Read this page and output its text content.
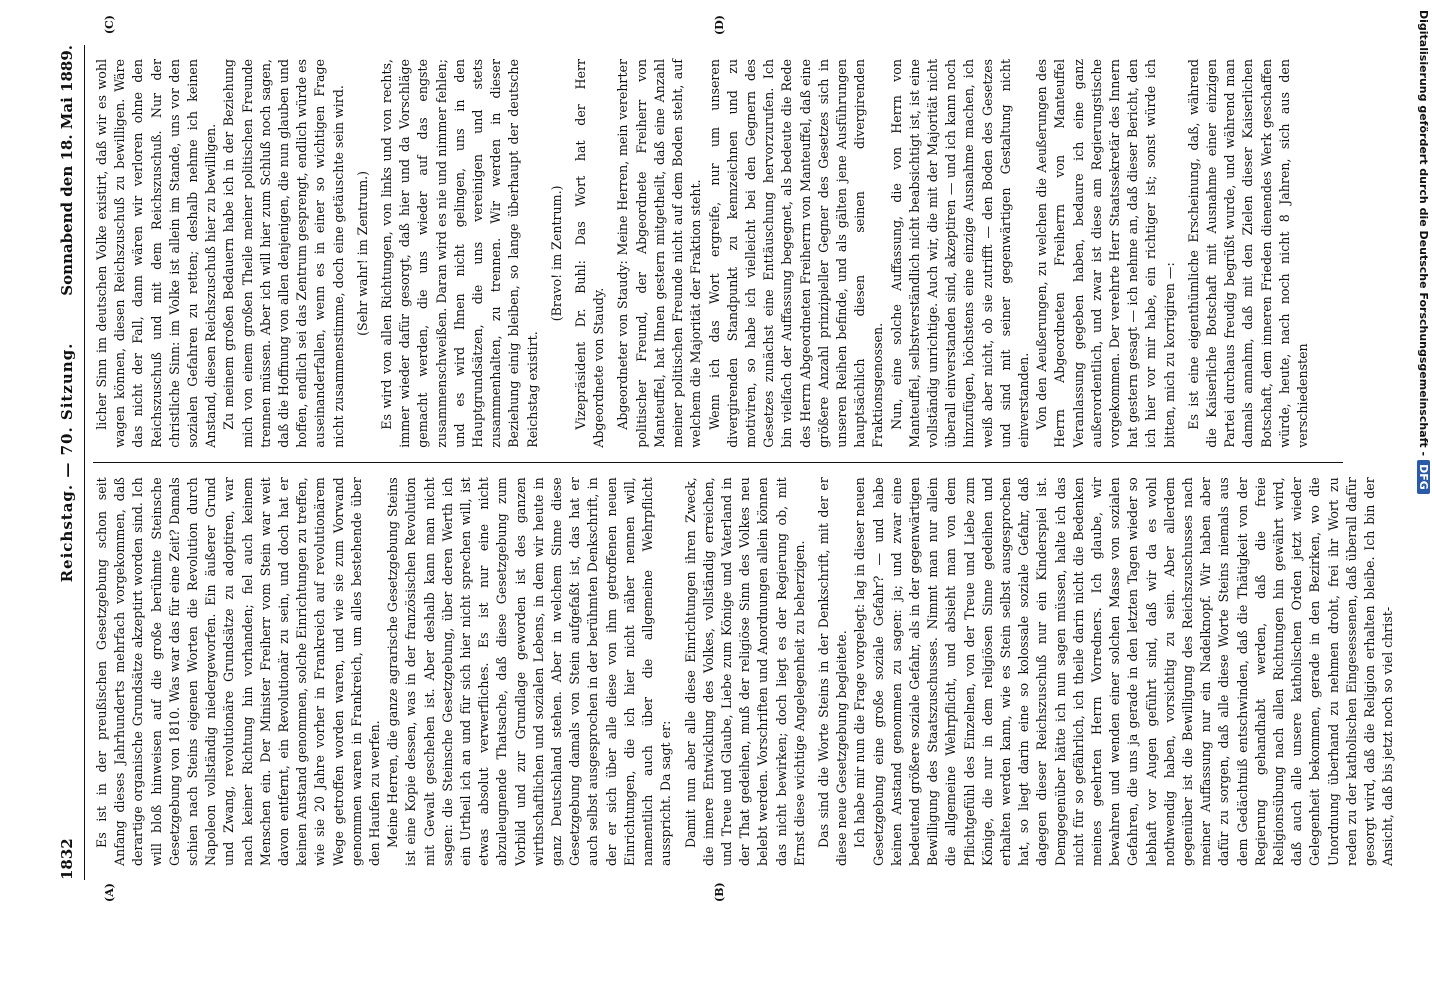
1832
Reichstag. — 70. Sitzung.
Sonnabend den 18. Mai 1889.
(A)	(B)

Es ist in der preußischen Gesetzgebung schon seit Anfang dieses Jahrhunderts mehrfach vorgekommen, daß derartige organische Grundsätze akzeptirt worden sind. Ich will bloß hinweisen auf die große berühmte Steinsche Gesetzgebung von 1810. Was war das für eine Zeit? Damals schien nach Steins eigenen Worten die Revolution durch Napoleon vollständig niedergeworfen. Ein äußerer Grund und Zwang, revolutionäre Grundsätze zu adoptiren, war nach keiner Richtung hin vorhanden; fiel auch keinem Menschen ein. Der Minister Freiherr vom Stein war weit davon entfernt, ein Revolutionär zu sein, und doch hat er keinen Anstand genommen, solche Einrichtungen zu treffen, wie sie 20 Jahre vorher in Frankreich auf revolutionärem Wege getroffen worden waren, und wie sie zum Vorwand genommen waren in Frankreich, um alles bestehende über den Haufen zu werfen. Meine Herren, die ganze agrarische Gesetzgebung Steins ist eine Kopie dessen, was in der französischen Revolution mit Gewalt geschehen ist. Aber deshalb kann man nicht sagen: die Steinsche Gesetzgebung, über deren Werth ich ein Urtheil ich an und für sich hier nicht sprechen will, ist etwas absolut verwerfliches. Es ist nur eine nicht abzuleugnende Thatsache, daß diese Gesetzgebung zum Vorbild und zur Grundlage geworden ist des ganzen wirthschaftlichen und sozialen Lebens, in dem wir heute in ganz Deutschland stehen. Aber in welchem Sinne diese Gesetzgebung damals von Stein aufgefaßt ist, das hat er auch selbst ausgesprochen in der berühmten Denkschrift, in der er sich über alle diese von ihm getroffenen neuen Einrichtungen, die ich hier nicht näher nennen will, namentlich auch über die allgemeine Wehrpflicht ausspricht. Da sagt er: Damit nun aber alle diese Einrichtungen ihren Zweck, die innere Entwicklung des Volkes, vollständig erreichen, und Treue und Glaube, Liebe zum Könige und Vaterland in der That gedeihen, muß der religiöse Sinn des Volkes neu belebt werden. Vorschriften und Anordnungen allein können das nicht bewirken; doch liegt es der Regierung ob, mit Ernst diese wichtige Angelegenheit zu beherzigen. Das sind die Worte Steins in der Denkschrift, mit der er diese neue Gesetzgebung begleitete. Ich habe mir nun die Frage vorgelegt: lag in dieser neuen Gesetzgebung eine große soziale Gefahr? — und habe keinen Anstand genommen zu sagen: ja; und zwar eine bedeutend größere soziale Gefahr, als in der gegenwärtigen Bewilligung des Staatszuschusses. Nimmt man nur allein die allgemeine Wehrpflicht, und absieht man von dem Pflichtgefühl des Einzelnen, von der Treue und Liebe zum Könige, die nur in dem religiösen Sinne gedeihen und erhalten werden kann, wie es Stein selbst ausgesprochen hat, so liegt darin eine so kolossale soziale Gefahr, daß dagegen dieser Reichszuschuß nur ein Kinderspiel ist. Demgegenüber hätte ich nun sagen müssen, halte ich das nicht für so gefährlich, ich theile darin nicht die Bedenken meines geehrten Herrn Vorredners. Ich glaube, wir bewahren und wenden einer solchen Masse von sozialen Gefahren, die uns ja gerade in den letzten Tagen wieder so lebhaft vor Augen geführt sind, daß wir da es wohl nothwendig haben, vorsichtig zu sein. Aber allerdem gegenüber ist die Bewilligung des Reichszuschusses nach meiner Auffassung nur ein Nadelknopf. Wir haben aber dafür zu sorgen, daß alle diese Worte Steins niemals aus dem Gedächtniß entschwinden, daß die Thätigkeit von der Regierung gehandhabt werden, daß die freie Religionsübung nach allen Richtungen hin gewährt wird, daß auch alle unsere katholischen Orden jetzt wieder Gelegenheit bekommen, gerade in den Bezirken, wo die Unordnung überhand zu nehmen droht, frei ihr Wort zu reden zu der katholischen Eingesessenen, daß überall dafür gesorgt wird, daß die Religion erhalten bleibe. Ich bin der Ansicht, daß bis jetzt noch so viel christ-

licher Sinn im deutschen Volke existirt, daß wir es wohl wagen können, diesen Reichszuschuß zu bewilligen. Wäre das nicht der Fall, dann wären wir verloren ohne den Reichszuschuß und mit dem Reichszuschuß. Nur der christliche Sinn: im Volke ist allein im Stande, uns vor den sozialen Gefahren zu retten; deshalb nehme ich keinen Anstand, diesen Reichszuschuß hier zu bewilligen. Zu meinem großen Bedauern habe ich in der Beziehung mich von einem großen Theile meiner politischen Freunde trennen müssen. Aber ich will hier zum Schluß noch sagen, daß die Hoffnung von allen denjenigen, die nun glauben und hoffen, endlich sei das Zentrum gesprengt, endlich würde es auseinanderfallen, wenn es in einer so wichtigen Frage nicht zusammenstimme, doch eine getäuschte sein wird. (Sehr wahr! im Zentrum.) Es wird von allen Richtungen, von links und von rechts, immer wieder dafür gesorgt, daß hier und da Vorschläge gemacht werden, die uns wieder auf das engste zusammenschweißen. Daran wird es nie und nimmer fehlen; und es wird Ihnen nicht gelingen, uns in den Hauptgrundsätzen, die uns vereinigen und stets zusammenhalten, zu trennen. Wir werden in dieser Beziehung einig bleiben, so lange überhaupt der deutsche Reichstag existirt.

(Bravo! im Zentrum.) Vizepräsident Dr. Buhl: Das Wort hat der Herr Abgeordnete von Staudy. Abgeordneter von Staudy: Meine Herren, mein verehrter politischer Freund, der Abgeordnete Freiherr von Manteuffel, hat Ihnen gestern mitgetheilt, daß eine Anzahl meiner politischen Freunde nicht auf dem Boden steht, auf welchem die Majorität der Fraktion steht. Wenn ich das Wort ergreife, nur um unseren divergirenden Standpunkt zu kennzeichnen und zu motiviren, so habe ich vielleicht bei den Gegnern des Gesetzes zunächst eine Enttäuschung hervorzurufen. Ich bin vielfach der Auffassung begegnet, als bedeute die Rede des Herrn Abgeordneten Freiherrn von Manteuffel, daß eine größere Anzahl prinzipieller Gegner des Gesetzes sich in unseren Reihen befinde, und als gälten jene Ausführungen hauptsächlich diesen seinen divergirenden Fraktionsgenossen. Nun, eine solche Auffassung, die von Herrn von Manteuffel, selbstverständlich nicht beabsichtigt ist, ist eine vollständig unrichtige. Auch wir, die mit der Majorität nicht überall einverstanden sind, akzeptiren — und ich kann noch hinzufügen, höchstens eine einzige Ausnahme machen, ich weiß aber nicht, ob sie zutrifft — den Boden des Gesetzes und sind mit seiner gegenwärtigen Gestaltung nicht einverstanden. Von den Aeußerungen, zu welchen die Aeußerungen des Herrn Abgeordneten Freiherrn von Manteuffel Veranlassung gegeben haben, bedaure ich eine ganz außerordentlich, und zwar ist diese am Regierungstische vorgekommen. Der verehrte Herr Staatssekretär des Innern hat gestern gesagt — ich nehme an, daß dieser Bericht, den ich hier vor mir habe, ein richtiger ist; sonst würde ich bitten, mich zu korrigiren —: Es ist eine eigenthümliche Erscheinung, daß, während die Kaiserliche Botschaft mit Ausnahme einer einzigen Partei durchaus freudig begrüßt wurde, und während man damals annahm, daß mit den Zielen dieser Kaiserlichen Botschaft, dem inneren Frieden dienendes Werk geschaffen würde, heute, nach noch nicht 8 Jahren, sich aus den verschiedensten

(C)	(D)	Digitalisierung gefördert durch die Deutsche Forschungsgemeinschaft -DFG
